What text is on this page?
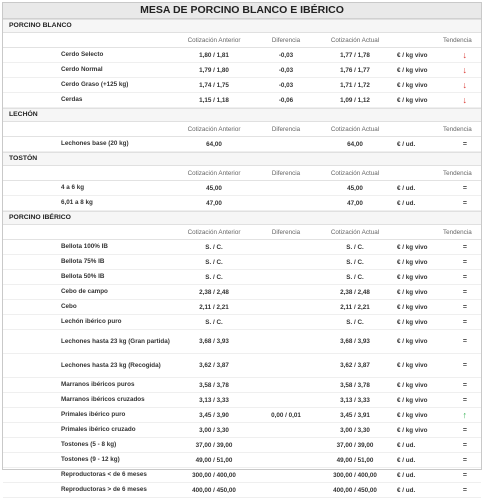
MESA DE PORCINO BLANCO E IBÉRICO
PORCINO BLANCO
	Cotización Anterior	Diferencia	Cotización Actual		Tendencia
Cerdo Selecto	1,80 / 1,81	-0,03	1,77 / 1,78	€ / kg vivo	↓
Cerdo Normal	1,79 / 1,80	-0,03	1,76 / 1,77	€ / kg vivo	↓
Cerdo Graso (+125 kg)	1,74 / 1,75	-0,03	1,71 / 1,72	€ / kg vivo	↓
Cerdas	1,15 / 1,18	-0,06	1,09 / 1,12	€ / kg vivo	↓
LECHÓN
	Cotización Anterior	Diferencia	Cotización Actual		Tendencia
Lechones base (20 kg)	64,00		64,00	€ / ud.	=
TOSTÓN
	Cotización Anterior	Diferencia	Cotización Actual		Tendencia
4 a 6 kg	45,00		45,00	€ / ud.	=
6,01 a 8 kg	47,00		47,00	€ / ud.	=
PORCINO IBÉRICO
	Cotización Anterior	Diferencia	Cotización Actual		Tendencia
Bellota 100% IB	S. / C.		S. / C.	€ / kg vivo	=
Bellota 75% IB	S. / C.		S. / C.	€ / kg vivo	=
Bellota 50% IB	S. / C.		S. / C.	€ / kg vivo	=
Cebo de campo	2,38 / 2,48		2,38 / 2,48	€ / kg vivo	=
Cebo	2,11 / 2,21		2,11 / 2,21	€ / kg vivo	=
Lechón ibérico puro	S. / C.		S. / C.	€ / kg vivo	=
Lechones hasta 23 kg (Gran partida)	3,68 / 3,93		3,68 / 3,93	€ / kg vivo	=
Lechones hasta 23 kg (Recogida)	3,62 / 3,87		3,62 / 3,87	€ / kg vivo	=
Marranos ibéricos puros	3,58 / 3,78		3,58 / 3,78	€ / kg vivo	=
Marranos ibéricos cruzados	3,13 / 3,33		3,13 / 3,33	€ / kg vivo	=
Primales ibérico puro	3,45 / 3,90	0,00 / 0,01	3,45 / 3,91	€ / kg vivo	↑
Primales ibérico cruzado	3,00 / 3,30		3,00 / 3,30	€ / kg vivo	=
Tostones (5 - 8 kg)	37,00 / 39,00		37,00 / 39,00	€ / ud.	=
Tostones (9 - 12 kg)	49,00 / 51,00		49,00 / 51,00	€ / ud.	=
Reproductoras < de 6 meses	300,00 / 400,00		300,00 / 400,00	€ / ud.	=
Reproductoras > de 6 meses	400,00 / 450,00		400,00 / 450,00	€ / ud.	=
